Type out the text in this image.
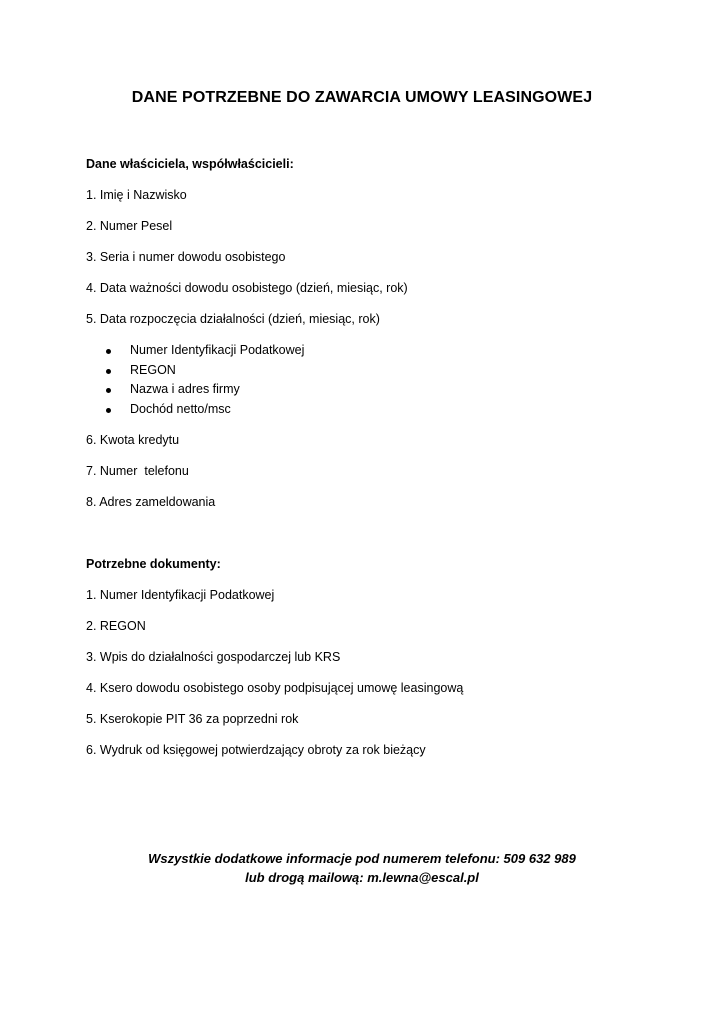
DANE POTRZEBNE DO ZAWARCIA UMOWY LEASINGOWEJ
Dane właściciela, współwłaścicieli:
1. Imię i Nazwisko
2. Numer Pesel
3. Seria i numer dowodu osobistego
4. Data ważności dowodu osobistego (dzień, miesiąc, rok)
5. Data rozpoczęcia działalności (dzień, miesiąc, rok)

Numer Identyfikacji Podatkowej

REGON

Nazwa i adres firmy

Dochód netto/msc

6. Kwota kredytu
7. Numer  telefonu
8. Adres zameldowania
Potrzebne dokumenty:
1. Numer Identyfikacji Podatkowej
2. REGON
3. Wpis do działalności gospodarczej lub KRS
4. Ksero dowodu osobistego osoby podpisującej umowę leasingową
5. Kserokopie PIT 36 za poprzedni rok
6. Wydruk od księgowej potwierdzający obroty za rok bieżący
Wszystkie dodatkowe informacje pod numerem telefonu: 509 632 989
lub drogą mailową: m.lewna@escal.pl
